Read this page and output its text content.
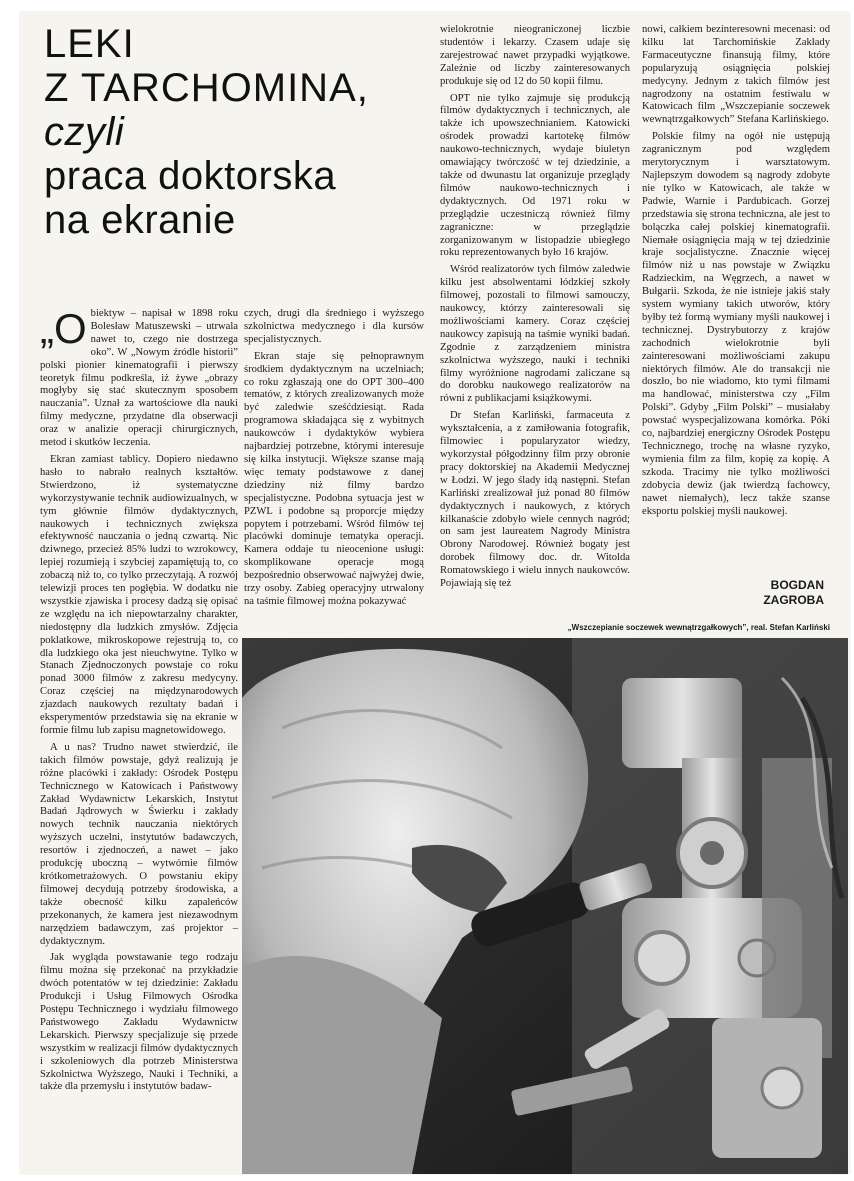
LEKI
Z TARCHOMINA,
czyli
praca doktorska
na ekranie

„Obiektyw – napisał w 1898 roku Bolesław Matuszewski – utrwala nawet to, czego nie dostrzega oko”. W „Nowym źródle historii” polski pionier kinematografii i pierwszy teoretyk filmu podkreśla, iż żywe „obrazy mogłyby się stać skutecznym sposobem nauczania”. Uznał za wartościowe dla nauki filmy medyczne, przydatne dla obserwacji oraz w analizie operacji chirurgicznych, metod i skutków leczenia.

Ekran zamiast tablicy. Dopiero niedawno hasło to nabrało realnych kształtów. Stwierdzono, iż systematyczne wykorzystywanie technik audiowizualnych, w tym głównie filmów dydaktycznych, naukowych i technicznych zwiększa efektywność nauczania o jedną czwartą. Nic dziwnego, przecież 85% ludzi to wzrokowcy, lepiej rozumieją i szybciej zapamiętują to, co zobaczą niż to, co tylko przeczytają. A rozwój telewizji proces ten pogłębia. W dodatku nie wszystkie zjawiska i procesy dadzą się opisać ze względu na ich niepowtarzalny charakter, niedostępny dla ludzkich zmysłów. Zdjęcia poklatkowe, mikroskopowe rejestrują to, co dla ludzkiego oka jest nieuchwytne. Tylko w Stanach Zjednoczonych powstaje co roku ponad 3000 filmów z zakresu medycyny. Coraz częściej na międzynarodowych zjazdach naukowych rezultaty badań i eksperymentów przedstawia się na ekranie w formie filmu lub zapisu magnetowidowego.

A u nas? Trudno nawet stwierdzić, ile takich filmów powstaje, gdyż realizują je różne placówki i zakłady: Ośrodek Postępu Technicznego w Katowicach i Państwowy Zakład Wydawnictw Lekarskich, Instytut Badań Jądrowych w Świerku i zakłady nowych technik nauczania niektórych wyższych uczelni, instytutów badawczych, resortów i zjednoczeń, a nawet – jako produkcję uboczną – wytwórnie filmów krótkometrażowych. O powstaniu ekipy filmowej decydują potrzeby środowiska, a także obecność kilku zapaleńców przekonanych, że kamera jest niezawodnym narzędziem badawczym, zaś projektor – dydaktycznym.

Jak wygląda powstawanie tego rodzaju filmu można się przekonać na przykładzie dwóch potentatów w tej dziedzinie: Zakładu Produkcji i Usług Filmowych Ośrodka Postępu Technicznego i wydziału filmowego Państwowego Zakładu Wydawnictw Lekarskich. Pierwszy specjalizuje się przede wszystkim w realizacji filmów dydaktycznych i szkoleniowych dla potrzeb Ministerstwa Szkolnictwa Wyższego, Nauki i Techniki, a także dla przemysłu i instytutów badaw-

czych, drugi dla średniego i wyższego szkolnictwa medycznego i dla kursów specjalistycznych.

Ekran staje się pełnoprawnym środkiem dydaktycznym na uczelniach; co roku zgłaszają one do OPT 300–400 tematów, z których zrealizowanych może być zaledwie sześćdziesiąt. Rada programowa składająca się z wybitnych naukowców i dydaktyków wybiera najbardziej potrzebne, którymi interesuje się kilka instytucji. Większe szanse mają więc tematy podstawowe z danej dziedziny niż filmy bardzo specjalistyczne. Podobna sytuacja jest w PZWL i podobne są proporcje między popytem i potrzebami. Wśród filmów tej placówki dominuje tematyka operacji. Kamera oddaje tu nieocenione usługi: skomplikowane operacje mogą bezpośrednio obserwować najwyżej dwie, trzy osoby. Zabieg operacyjny utrwalony na taśmie filmowej można pokazywać

wielokrotnie nieograniczonej liczbie studentów i lekarzy. Czasem udaje się zarejestrować nawet przypadki wyjątkowe. Zależnie od liczby zainteresowanych produkuje się od 12 do 50 kopii filmu.

OPT nie tylko zajmuje się produkcją filmów dydaktycznych i technicznych, ale także ich upowszechnianiem. Katowicki ośrodek prowadzi kartotekę filmów naukowo-technicznych, wydaje biuletyn omawiający twórczość w tej dziedzinie, a także od dwunastu lat organizuje przeglądy filmów naukowo-technicznych i dydaktycznych. Od 1971 roku w przeglądzie uczestniczą również filmy zagraniczne: w przeglądzie zorganizowanym w listopadzie ubiegłego roku reprezentowanych było 16 krajów.

Wśród realizatorów tych filmów zaledwie kilku jest absolwentami łódzkiej szkoły filmowej, pozostali to filmowi samouczy, naukowcy, którzy zainteresowali się możliwościami kamery. Coraz częściej naukowcy zapisują na taśmie wyniki badań. Zgodnie z zarządzeniem ministra szkolnictwa wyższego, nauki i techniki filmy wyróżnione nagrodami zaliczane są do dorobku naukowego realizatorów na równi z publikacjami książkowymi.

Dr Stefan Karliński, farmaceuta z wykształcenia, a z zamiłowania fotografik, filmowiec i popularyzator wiedzy, wykorzystał półgodzinny film przy obronie pracy doktorskiej na Akademii Medycznej w Łodzi. W jego ślady idą następni. Stefan Karliński zrealizował już ponad 80 filmów dydaktycznych i naukowych, z których kilkanaście zdobyło wiele cennych nagród; on sam jest laureatem Nagrody Ministra Obrony Narodowej. Również bogaty jest dorobek filmowy doc. dr. Witolda Romatowskiego i wielu innych naukowców. Pojawiają się też

nowi, całkiem bezinteresowni mecenasi: od kilku lat Tarchomińskie Zakłady Farmaceutyczne finansują filmy, które popularyzują osiągnięcia polskiej medycyny. Jednym z takich filmów jest nagrodzony na ostatnim festiwalu w Katowicach film „Wszczepianie soczewek wewnątrzgałkowych” Stefana Karlińskiego.

Polskie filmy na ogół nie ustępują zagranicznym pod względem merytorycznym i warsztatowym. Najlepszym dowodem są nagrody zdobyte nie tylko w Katowicach, ale także w Padwie, Warnie i Pardubicach. Gorzej przedstawia się strona techniczna, ale jest to bolączka całej polskiej kinematografii. Niemałe osiągnięcia mają w tej dziedzinie kraje socjalistyczne. Znacznie więcej filmów niż u nas powstaje w Związku Radzieckim, na Węgrzech, a nawet w Bułgarii. Szkoda, że nie istnieje jakiś stały system wymiany takich utworów, który byłby też formą wymiany myśli naukowej i technicznej. Dystrybutorzy z krajów zachodnich wielokrotnie byli zainteresowani możliwościami zakupu niektórych filmów. Ale do transakcji nie doszło, bo nie wiadomo, kto tymi filmami ma handlować, ministerstwa czy „Film Polski”. Gdyby „Film Polski” – musiałaby powstać wyspecjalizowana komórka. Póki co, najbardziej energiczny Ośrodek Postępu Technicznego, trochę na własne ryzyko, wymienia film za film, kopię za kopię. A szkoda. Tracimy nie tylko możliwości zdobycia dewiz (jak twierdzą fachowcy, nawet niemałych), lecz także szanse eksportu polskiej myśli naukowej.

BOGDAN
ZAGROBA
„Wszczepianie soczewek wewnątrzgałkowych”, real. Stefan Karliński
